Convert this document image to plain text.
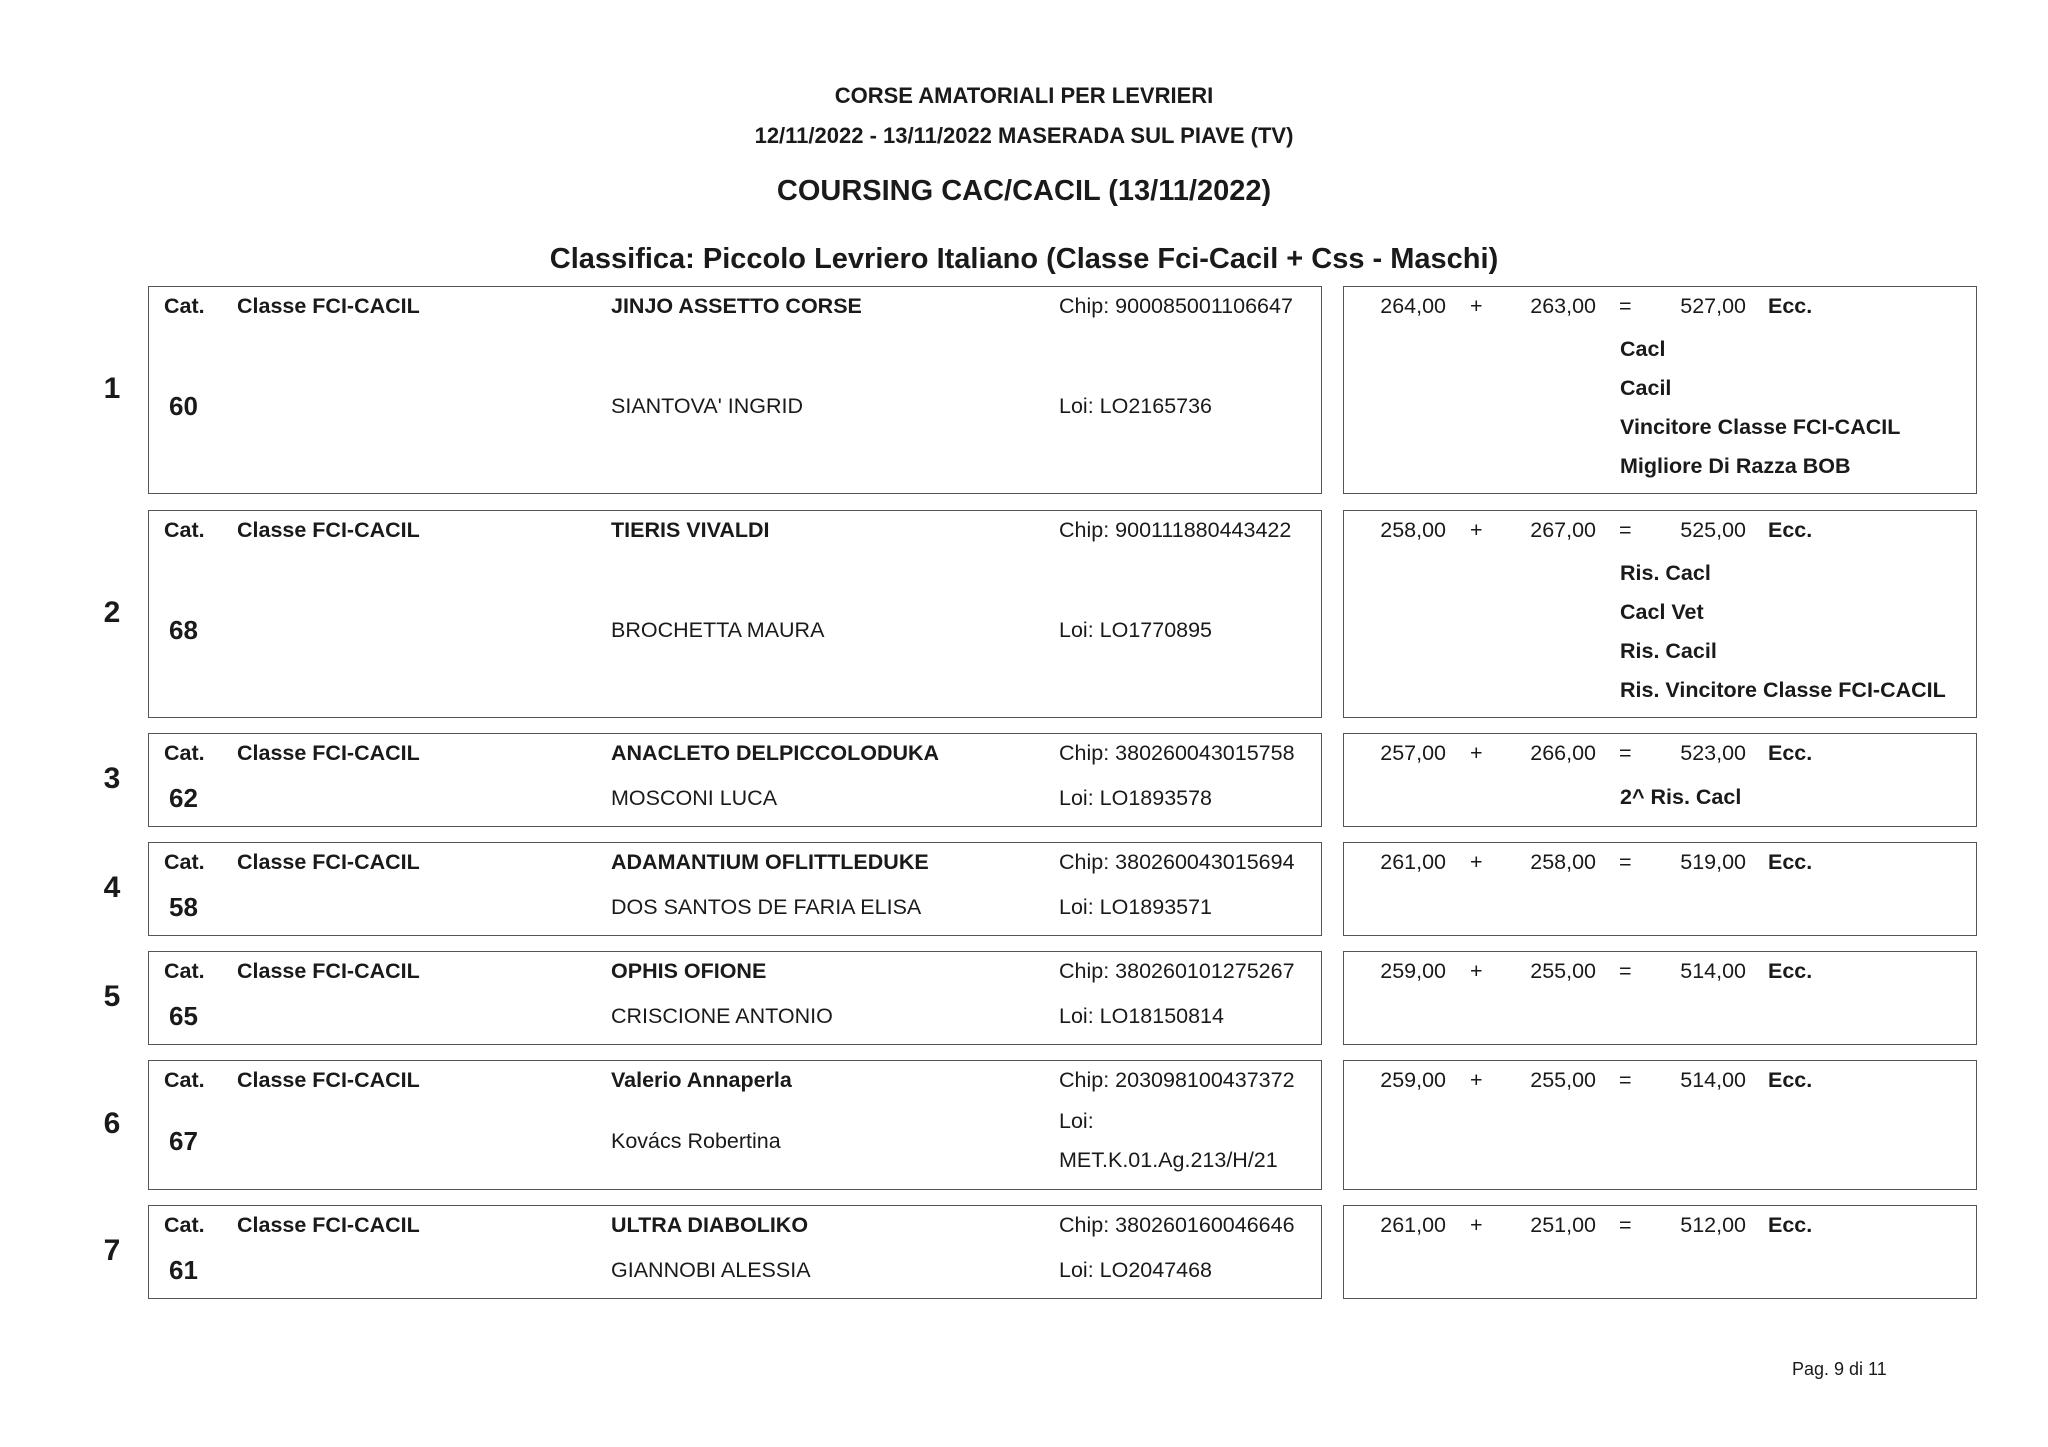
CORSE AMATORIALI PER LEVRIERI
12/11/2022 - 13/11/2022 MASERADA SUL PIAVE (TV)
COURSING CAC/CACIL (13/11/2022)
Classifica: Piccolo Levriero Italiano (Classe Fci-Cacil + Css - Maschi)
1
Cat. Classe FCI-CACIL	JINJO ASSETTO CORSE	Chip: 900085001106647
60	SIANTOVA' INGRID	Loi: LO2165736
264,00 +	263,00 =	527,00 Ecc.
Cacl
Cacil
Vincitore Classe FCI-CACIL
Migliore Di Razza BOB
2
Cat. Classe FCI-CACIL	TIERIS VIVALDI	Chip: 900111880443422
68	BROCHETTA MAURA	Loi: LO1770895
258,00 +	267,00 =	525,00 Ecc.
Ris. Cacl
Cacl Vet
Ris. Cacil
Ris. Vincitore Classe FCI-CACIL
3
Cat. Classe FCI-CACIL	ANACLETO DELPICCOLODUKA	Chip: 380260043015758
62	MOSCONI LUCA	Loi: LO1893578
257,00 +	266,00 =	523,00 Ecc.
2^ Ris. Cacl
4
Cat. Classe FCI-CACIL	ADAMANTIUM OFLITTLEDUKE	Chip: 380260043015694
58	DOS SANTOS DE FARIA ELISA	Loi: LO1893571
261,00 +	258,00 =	519,00 Ecc.
5
Cat. Classe FCI-CACIL	OPHIS OFIONE	Chip: 380260101275267
65	CRISCIONE ANTONIO	Loi: LO18150814
259,00 +	255,00 =	514,00 Ecc.
6
Cat. Classe FCI-CACIL	Valerio Annaperla	Chip: 203098100437372
67	Kovács Robertina
Loi:
MET.K.01.Ag.213/H/21
259,00 +	255,00 =	514,00 Ecc.
7
Cat. Classe FCI-CACIL	ULTRA DIABOLIKO	Chip: 380260160046646
61	GIANNOBI ALESSIA	Loi: LO2047468
261,00 +	251,00 =	512,00 Ecc.
Pag. 9 di 11
